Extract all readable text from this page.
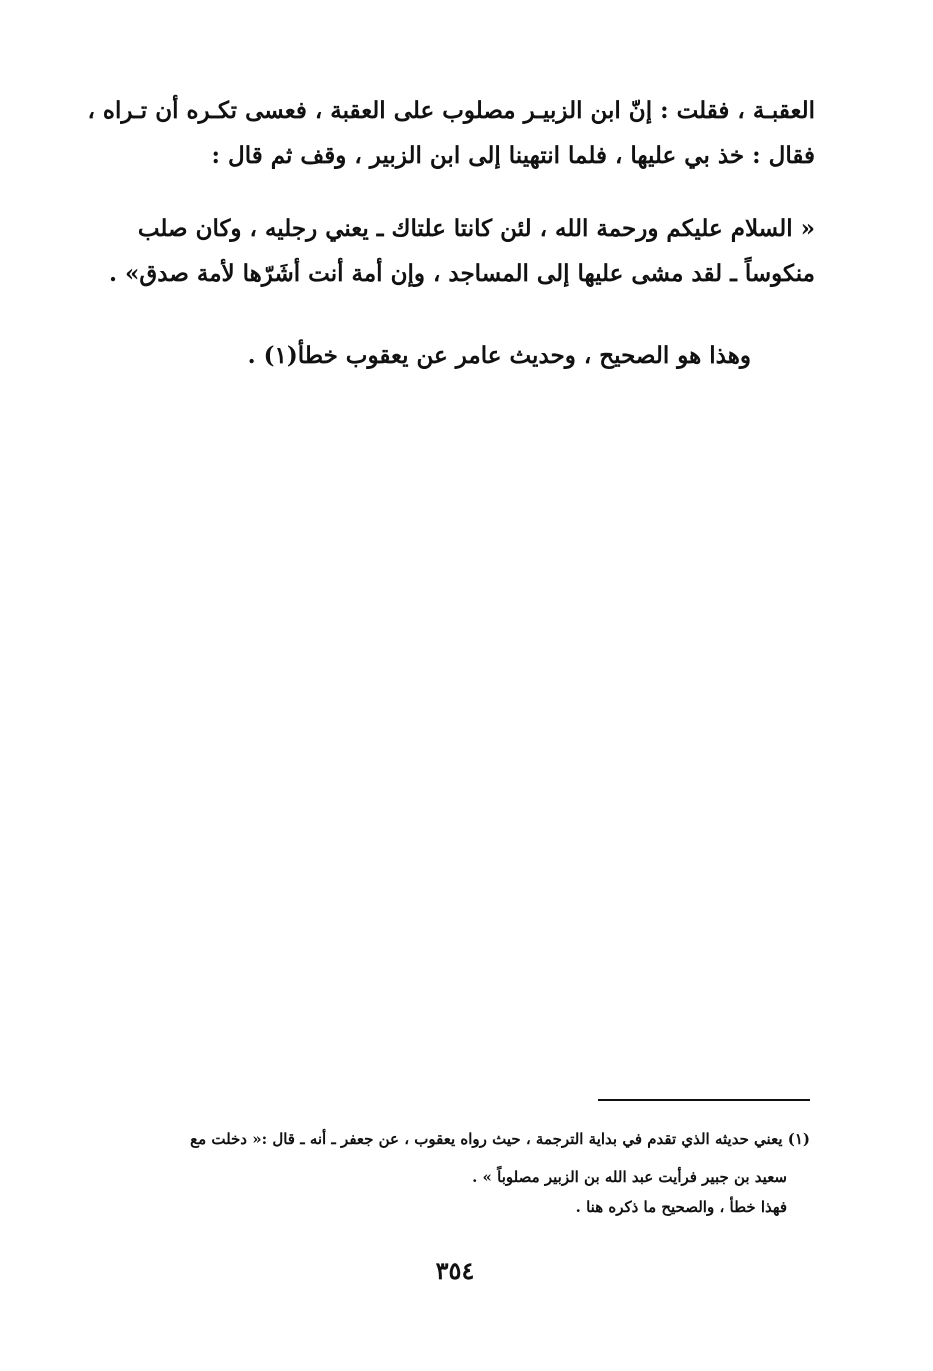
العقبـة ، فقلت : إنّ ابن الزبيـر مصلوب على العقبة ، فعسى تكـره أن تـراه ،
فقال : خذ بي عليها ، فلما انتهينا إلى ابن الزبير ، وقف ثم قال :
« السلام عليكم ورحمة الله ، لئن كانتا علتاك ـ يعني رجليه ، وكان صلب
منكوساً ـ لقد مشى عليها إلى المساجد ، وإن أمة أنت أشَرّها لأمة صدق» .
وهذا هو الصحيح ، وحديث عامر عن يعقوب خطأ(١) .
(١) يعني حديثه الذي تقدم في بداية الترجمة ، حيث رواه يعقوب ، عن جعفر ـ أنه ـ قال :« دخلت مع
سعيد بن جبير فرأيت عبد الله بن الزبير مصلوباً » .
فهذا خطأ ، والصحيح ما ذكره هنا .
٣٥٤
